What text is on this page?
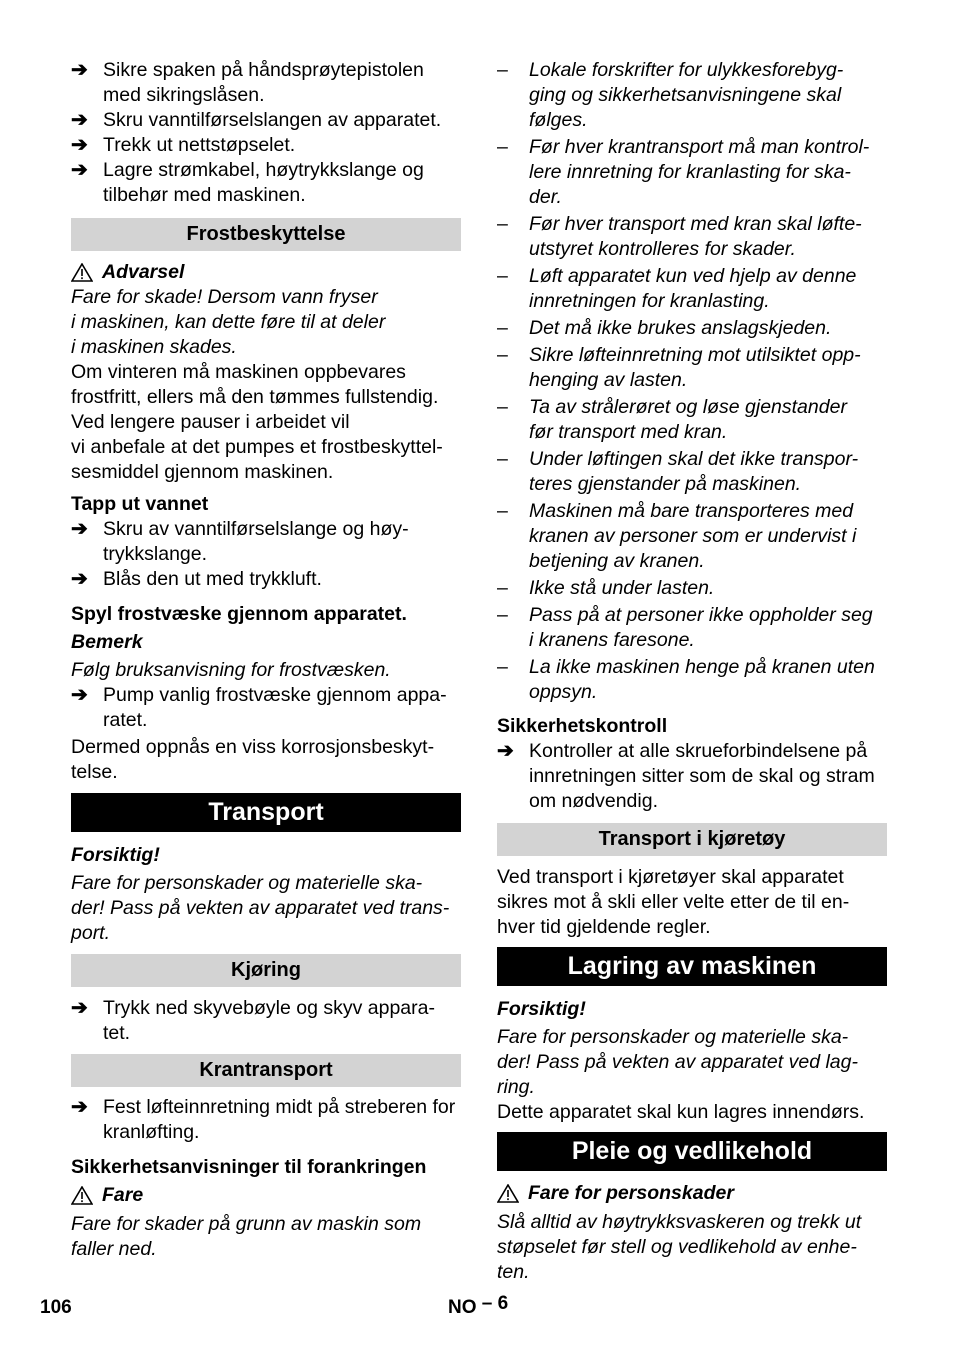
➔ Sikre spaken på håndsprøytepistolen med sikringslåsen.
➔ Skru vanntilførselslangen av apparatet.
➔ Trekk ut nettstøpselet.
➔ Lagre strømkabel, høytrykkslange og tilbehør med maskinen.
Frostbeskyttelse
Advarsel

Fare for skade! Dersom vann fryser

i maskinen, kan dette føre til at deler

i maskinen skades.

Om vinteren må maskinen oppbevares

frostfritt, ellers må den tømmes fullstendig.

Ved lengere pauser i arbeidet vil

vi anbefale at det pumpes et frostbeskyttel-

sesmiddel gjennom maskinen.

Tapp ut vannet

➔ Skru av vanntilførselslange og høy-trykkslange.
➔ Blås den ut med trykkluft.

Spyl frostvæske gjennom apparatet.

Bemerk

Følg bruksanvisning for frostvæsken.

➔ Pump vanlig frostvæske gjennom appa-ratet.

Dermed oppnås en viss korrosjonsbeskyt-

telse.

Transport

Forsiktig!

Fare for personskader og materielle ska-

der! Pass på vekten av apparatet ved trans-

port.

Kjøring
➔ Trykk ned skyvebøyle og skyv appara-tet.
Krantransport
➔ Fest løfteinnretning midt på streberen for kranløfting.

Sikkerhetsanvisninger til forankringen

Fare

Fare for skader på grunn av maskin som

faller ned.

–	Lokale forskrifter for ulykkesforebyg-
ging og sikkerhetsanvisningene skal
følges.
–	Før hver krantransport må man kontrol-
lere innretning for kranlasting for ska-
der.
–	Før hver transport med kran skal løfte-
utstyret kontrolleres for skader.
–	Løft apparatet kun ved hjelp av denne
innretningen for kranlasting.
–	Det må ikke brukes anslagskjeden.
–	Sikre løfteinnretning mot utilsiktet opp-
henging av lasten.
–	Ta av strålerøret og løse gjenstander
før transport med kran.
–	Under løftingen skal det ikke transpor-
teres gjenstander på maskinen.
–	Maskinen må bare transporteres med
kranen av personer som er undervist i
betjening av kranen.
–	Ikke stå under lasten.
–	Pass på at personer ikke oppholder seg
i kranens faresone.
–	La ikke maskinen henge på kranen uten
oppsyn.

Sikkerhetskontroll

➔ Kontroller at alle skrueforbindelsene på
innretningen sitter som de skal og stram
om nødvendig.
Transport i kjøretøy

Ved transport i kjøretøyer skal apparatet

sikres mot å skli eller velte etter de til en-

hver tid gjeldende regler.

Lagring av maskinen

Forsiktig!

Fare for personskader og materielle ska-

der! Pass på vekten av apparatet ved lag-

ring.

Dette apparatet skal kun lagres innendørs.

Pleie og vedlikehold
Fare for personskader

Slå alltid av høytrykksvaskeren og trekk ut

støpselet før stell og vedlikehold av enhe-

ten.

106	NO – 6
